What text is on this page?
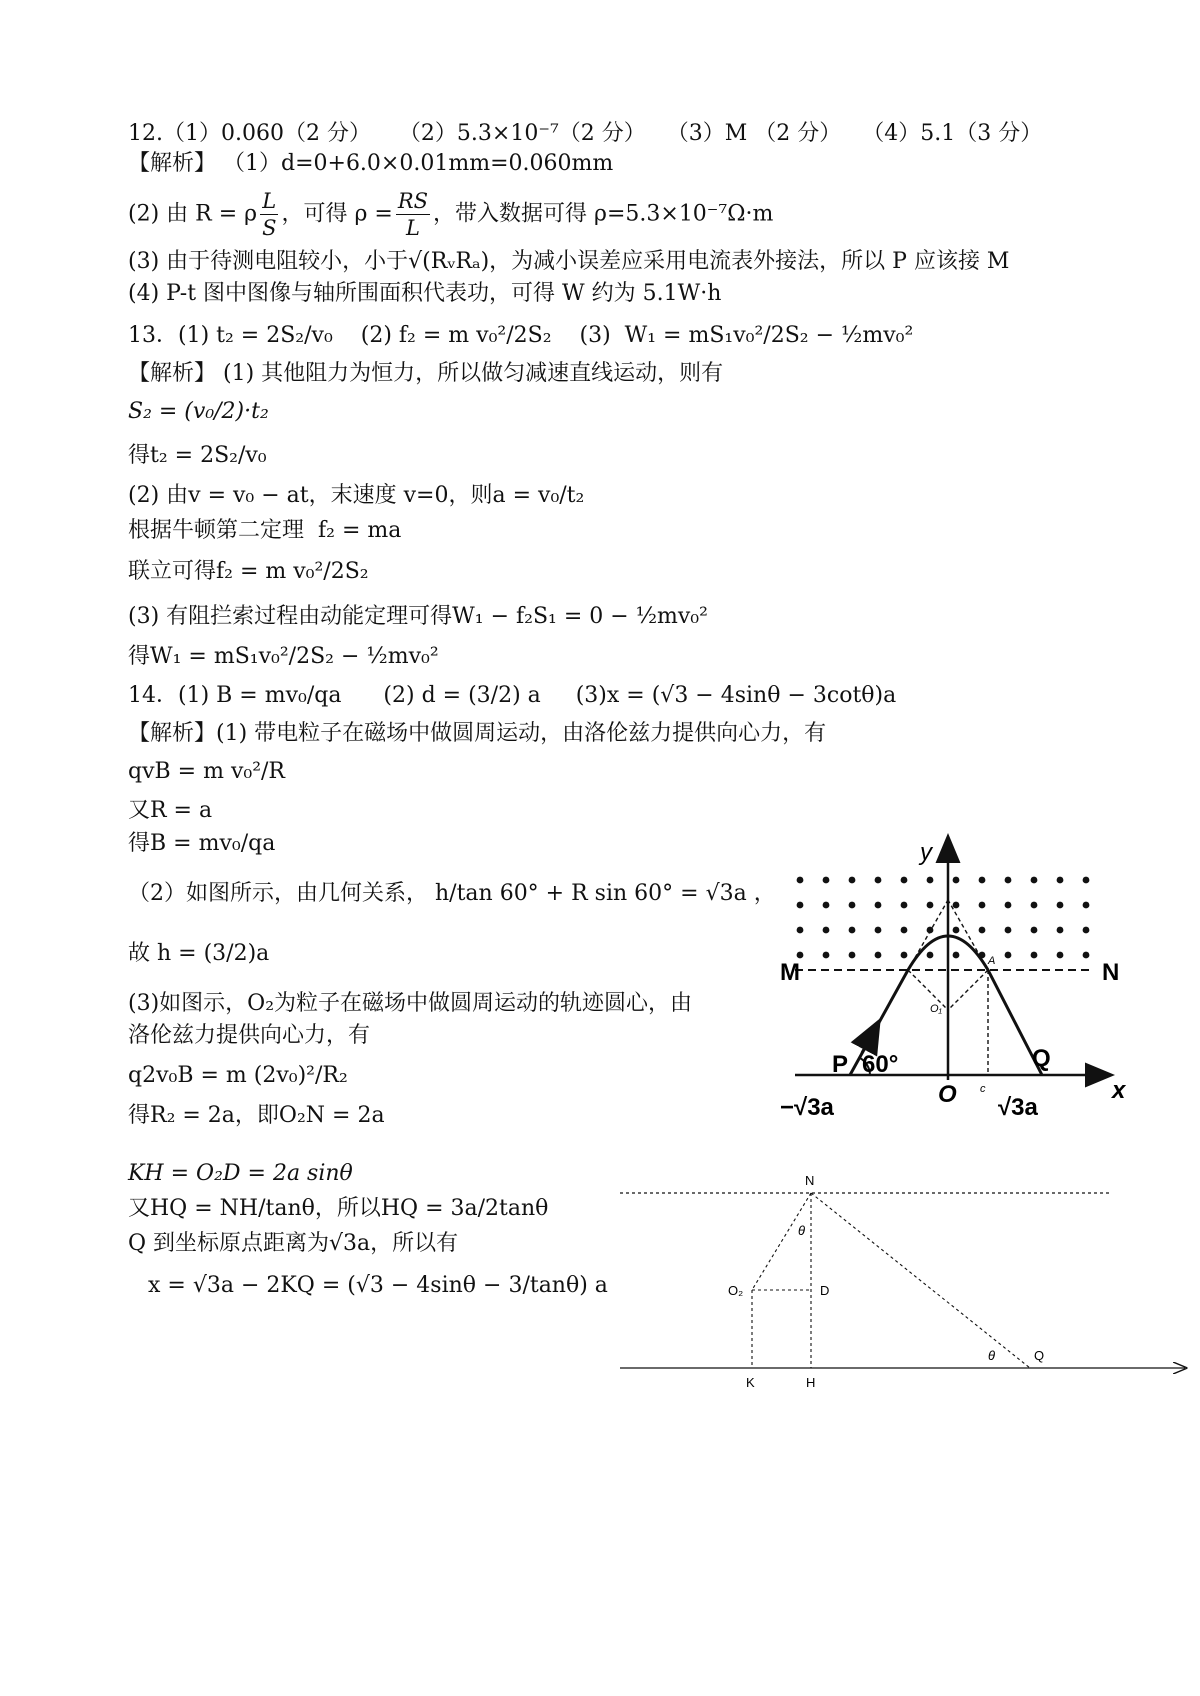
12.（1）0.060（2 分）    （2）5.3×10⁻⁷（2 分）   （3）M （2 分）   （4）5.1（3 分）
【解析】 （1）d=0+6.0×0.01mm=0.060mm
(2) 由 R = ρ $\frac{L}{S}$ ，可得 $\rho = \frac{RS}{L}$ ，带入数据可得 ρ=5.3×10⁻⁷Ω·m
(3) 由于待测电阻较小，小于√(RᵥRₐ)，为减小误差应采用电流表外接法，所以 P 应该接 M
(4) P-t 图中图像与轴所围面积代表功，可得 W 约为 5.1W·h
13．(1) t₂ = 2S₂/v₀    (2) f₂ = m v₀²/2S₂    (3)  W₁ = mS₁v₀²/2S₂ − ½mv₀²
【解析】 (1) 其他阻力为恒力，所以做匀减速直线运动，则有
S₂ = (v₀/2)·t₂
得t₂ = 2S₂/v₀
(2) 由v = v₀ − at，末速度 v=0，则a = v₀/t₂
根据牛顿第二定理  f₂ = ma
联立可得f₂ = m v₀²/2S₂
(3) 有阻拦索过程由动能定理可得W₁ − f₂S₁ = 0 − ½mv₀²
得W₁ = mS₁v₀²/2S₂ − ½mv₀²
14．(1) B = mv₀/qa      (2) d = (3/2) a     (3)x = (√3 − 4sinθ − 3cotθ)a
【解析】(1) 带电粒子在磁场中做圆周运动，由洛伦兹力提供向心力，有
qvB = m v₀²/R
又R = a
得B = mv₀/qa
（2）如图所示，由几何关系， h/tan 60° + R sin 60° = √3a ，
故 h = (3/2)a
(3)如图示，O₂为粒子在磁场中做圆周运动的轨迹圆心，由
洛伦兹力提供向心力，有
q2v₀B = m (2v₀)²/R₂
得R₂ = 2a，即O₂N = 2a
KH = O₂D = 2a sinθ
又HQ = NH/tanθ，所以HQ = 3a/2tanθ
Q 到坐标原点距离为√3a，所以有
x = √3a − 2KQ = (√3 − 4sinθ − 3/tanθ) a
y
M	N
x
P 60°
O
A
O₁
c
Q
−√3a	√3a
N
θ
O₂	D
θ	Q
K	H
